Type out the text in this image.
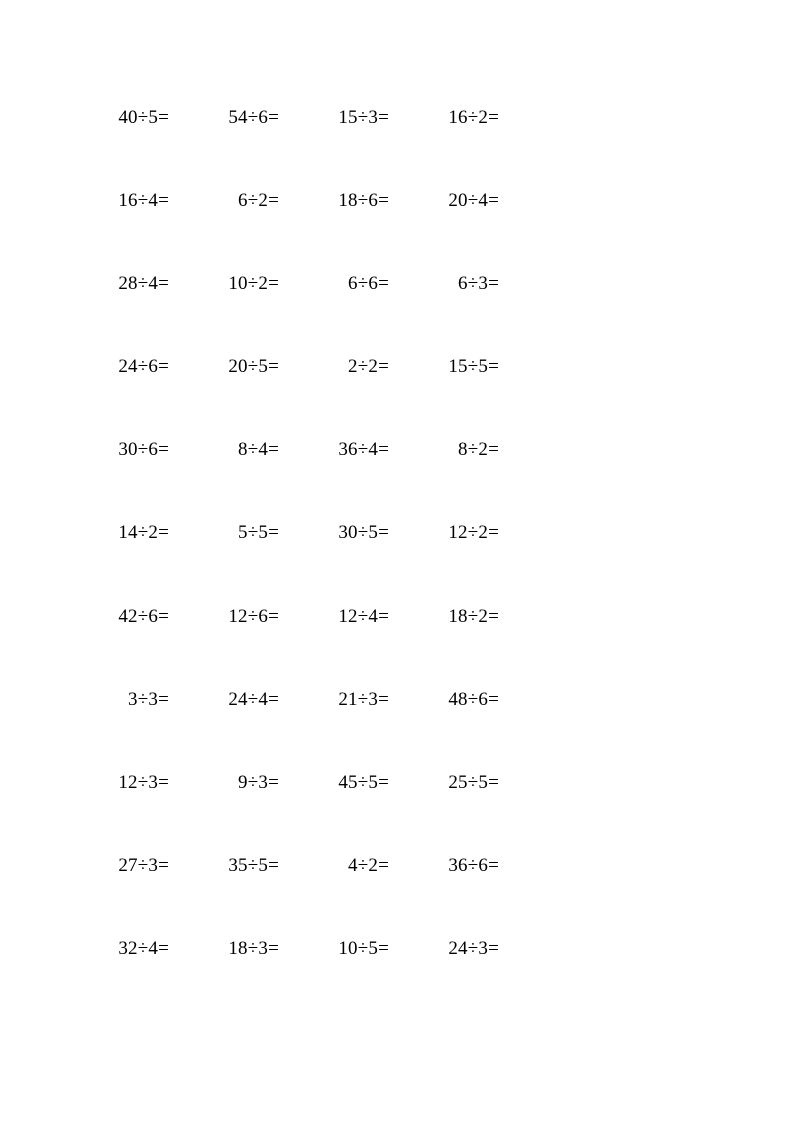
40÷5=	54÷6=	15÷3=	16÷2=
16÷4=	6÷2=	18÷6=	20÷4=
28÷4=	10÷2=	6÷6=	6÷3=
24÷6=	20÷5=	2÷2=	15÷5=
30÷6=	8÷4=	36÷4=	8÷2=
14÷2=	5÷5=	30÷5=	12÷2=
42÷6=	12÷6=	12÷4=	18÷2=
3÷3=	24÷4=	21÷3=	48÷6=
12÷3=	9÷3=	45÷5=	25÷5=
27÷3=	35÷5=	4÷2=	36÷6=
32÷4=	18÷3=	10÷5=	24÷3=
